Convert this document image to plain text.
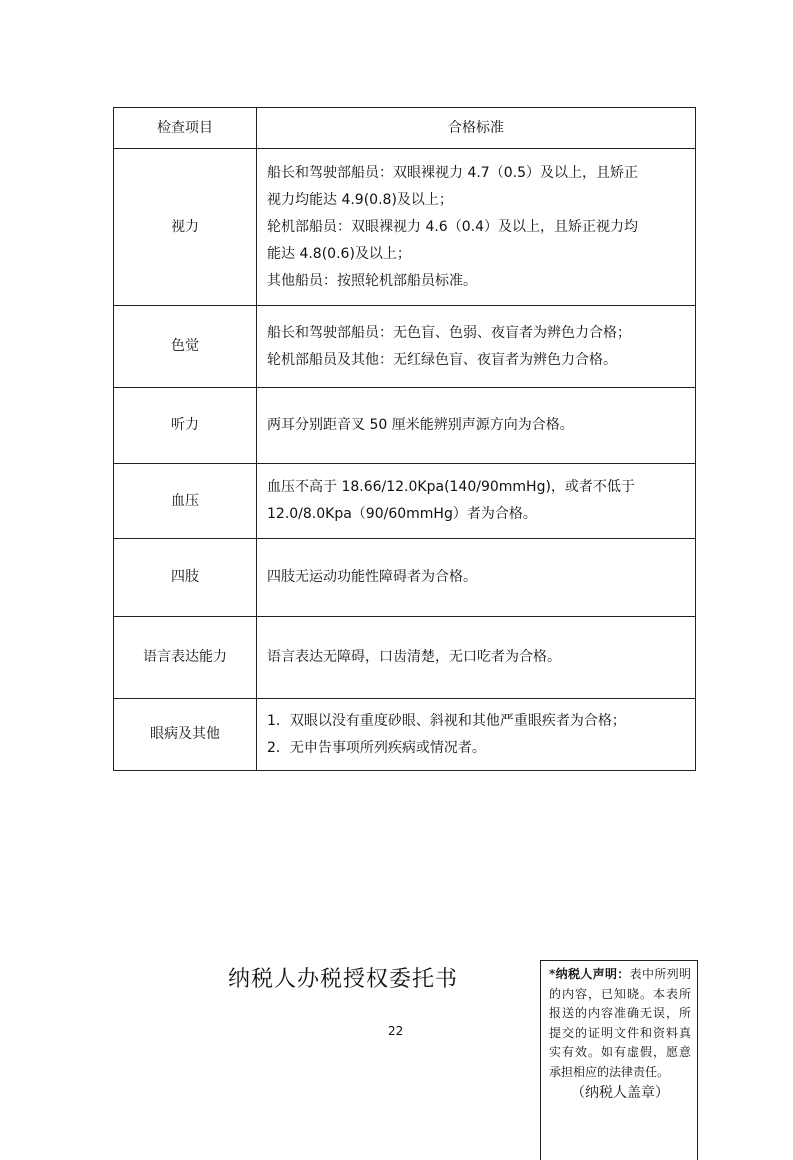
检查项目	合格标准
视力	船长和驾驶部船员：双眼裸视力 4.7（0.5）及以上，且矫正
视力均能达 4.9(0.8)及以上；
轮机部船员：双眼裸视力 4.6（0.4）及以上，且矫正视力均
能达 4.8(0.6)及以上；
其他船员：按照轮机部船员标准。

色觉	船长和驾驶部船员：无色盲、色弱、夜盲者为辨色力合格；
轮机部船员及其他：无红绿色盲、夜盲者为辨色力合格。

听力	两耳分别距音叉 50 厘米能辨别声源方向为合格。

血压	血压不高于 18.66/12.0Kpa(140/90mmHg)，或者不低于
12.0/8.0Kpa（90/60mmHg）者为合格。

四肢	四肢无运动功能性障碍者为合格。

语言表达能力	语言表达无障碍，口齿清楚，无口吃者为合格。

眼病及其他	1．双眼以没有重度砂眼、斜视和其他严重眼疾者为合格；
2．无申告事项所列疾病或情况者。
纳税人办税授权委托书
22
*纳税人声明：表中所列明的内容，已知晓。本表所报送的内容准确无误，所提交的证明文件和资料真实有效。如有虚假，愿意承担相应的法律责任。
（纳税人盖章）
